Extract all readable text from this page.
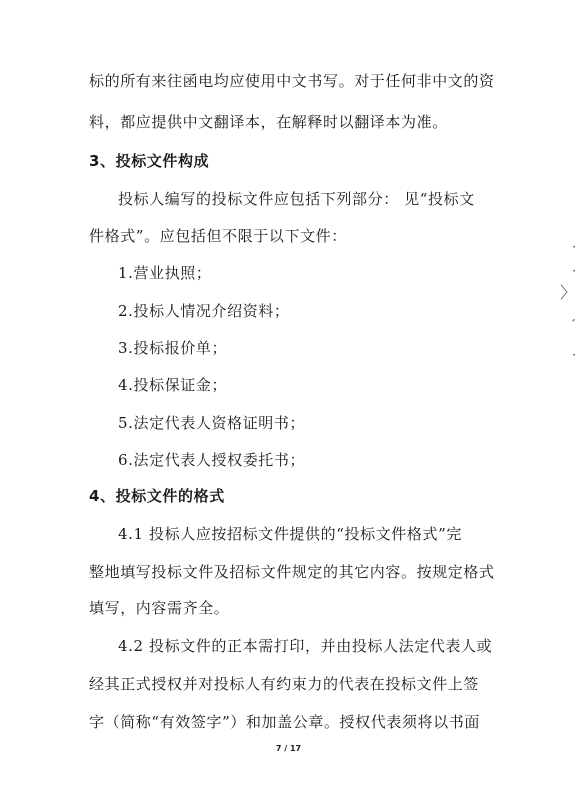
标的所有来往函电均应使用中文书写。对于任何非中文的资
料，都应提供中文翻译本，在解释时以翻译本为准。
3、投标文件构成
投标人编写的投标文件应包括下列部分： 见“投标文
件格式”。应包括但不限于以下文件：
1.营业执照；
2.投标人情况介绍资料；
3.投标报价单；
4.投标保证金；
5.法定代表人资格证明书；
6.法定代表人授权委托书；
4、投标文件的格式
4.1 投标人应按招标文件提供的“投标文件格式”完
整地填写投标文件及招标文件规定的其它内容。按规定格式
填写，内容需齐全。
4.2 投标文件的正本需打印，并由投标人法定代表人或
经其正式授权并对投标人有约束力的代表在投标文件上签
字（简称“有效签字”）和加盖公章。授权代表须将以书面
7 / 17
·
·
〉
ˊ
·
